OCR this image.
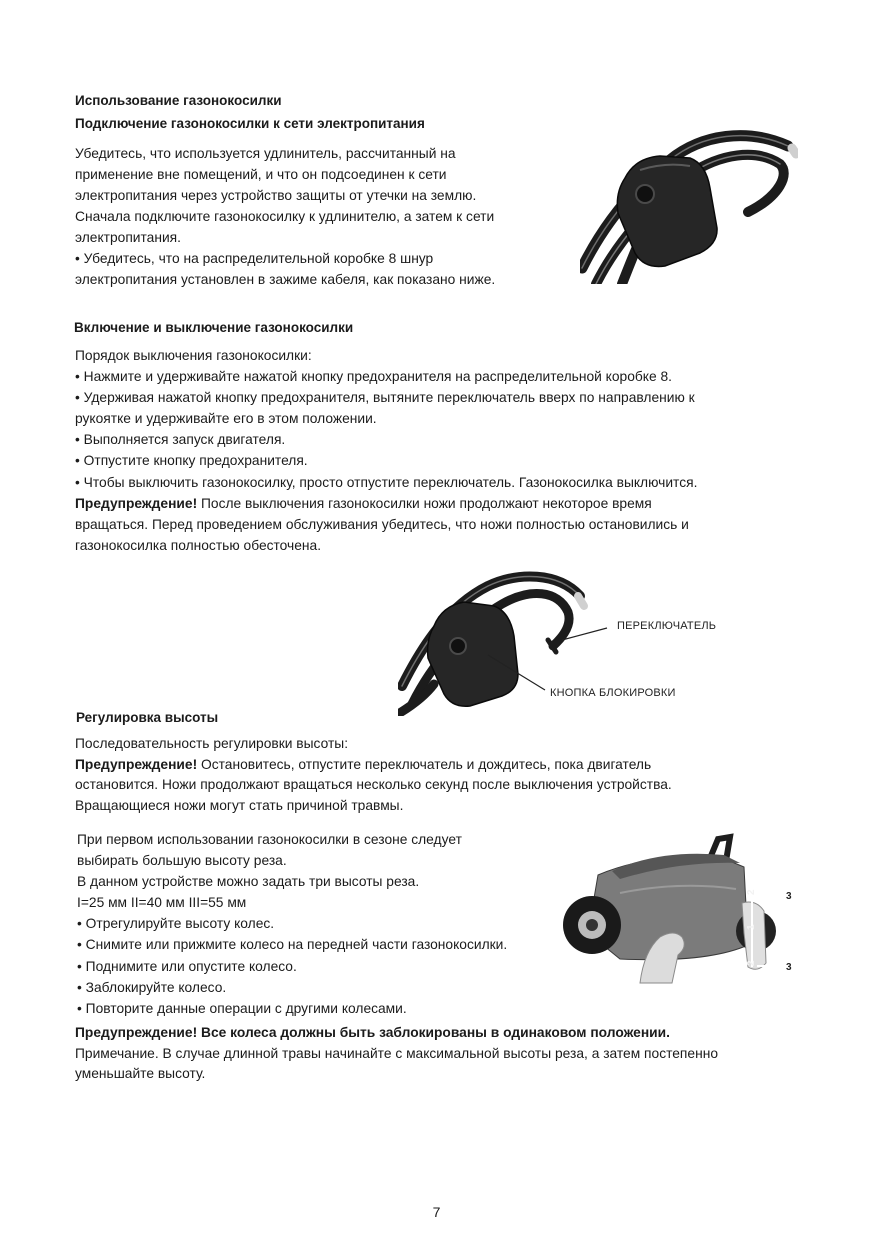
Использование газонокосилки
Подключение газонокосилки к сети электропитания
Убедитесь, что используется удлинитель, рассчитанный на
применение вне помещений, и что он подсоединен к сети
электропитания через устройство защиты от утечки на землю.
Сначала подключите газонокосилку к удлинителю, а затем к сети
электропитания.
• Убедитесь, что на распределительной коробке 8 шнур
электропитания установлен в зажиме кабеля, как показано ниже.
Включение и выключение газонокосилки
Порядок выключения газонокосилки:
• Нажмите и удерживайте нажатой кнопку предохранителя на распределительной коробке 8.
• Удерживая нажатой кнопку предохранителя, вытяните переключатель вверх по направлению к
рукоятке и удерживайте его в этом положении.
• Выполняется запуск двигателя.
• Отпустите кнопку предохранителя.
• Чтобы выключить газонокосилку, просто отпустите переключатель. Газонокосилка выключится.
Предупреждение! После выключения газонокосилки ножи продолжают некоторое время
вращаться. Перед проведением обслуживания убедитесь, что ножи полностью остановились и
газонокосилка полностью обесточена.
ПЕРЕКЛЮЧАТЕЛЬ
КНОПКА БЛОКИРОВКИ
Регулировка высоты
Последовательность регулировки высоты:
Предупреждение! Остановитесь, отпустите переключатель и дождитесь, пока двигатель
остановится. Ножи продолжают вращаться несколько секунд после выключения устройства.
Вращающиеся ножи могут стать причиной травмы.
При первом использовании газонокосилки в сезоне следует
выбирать большую высоту реза.
В данном устройстве можно задать три высоты реза.
I=25 мм II=40 мм III=55 мм
• Отрегулируйте высоту колес.
• Снимите или прижмите колесо на передней части газонокосилки.
• Поднимите или опустите колесо.
• Заблокируйте колесо.
• Повторите данные операции с другими колесами.
3
2
1
2	3
Предупреждение! Все колеса должны быть заблокированы в одинаковом положении.
Примечание. В случае длинной травы начинайте с максимальной высоты реза, а затем постепенно
уменьшайте высоту.
7
